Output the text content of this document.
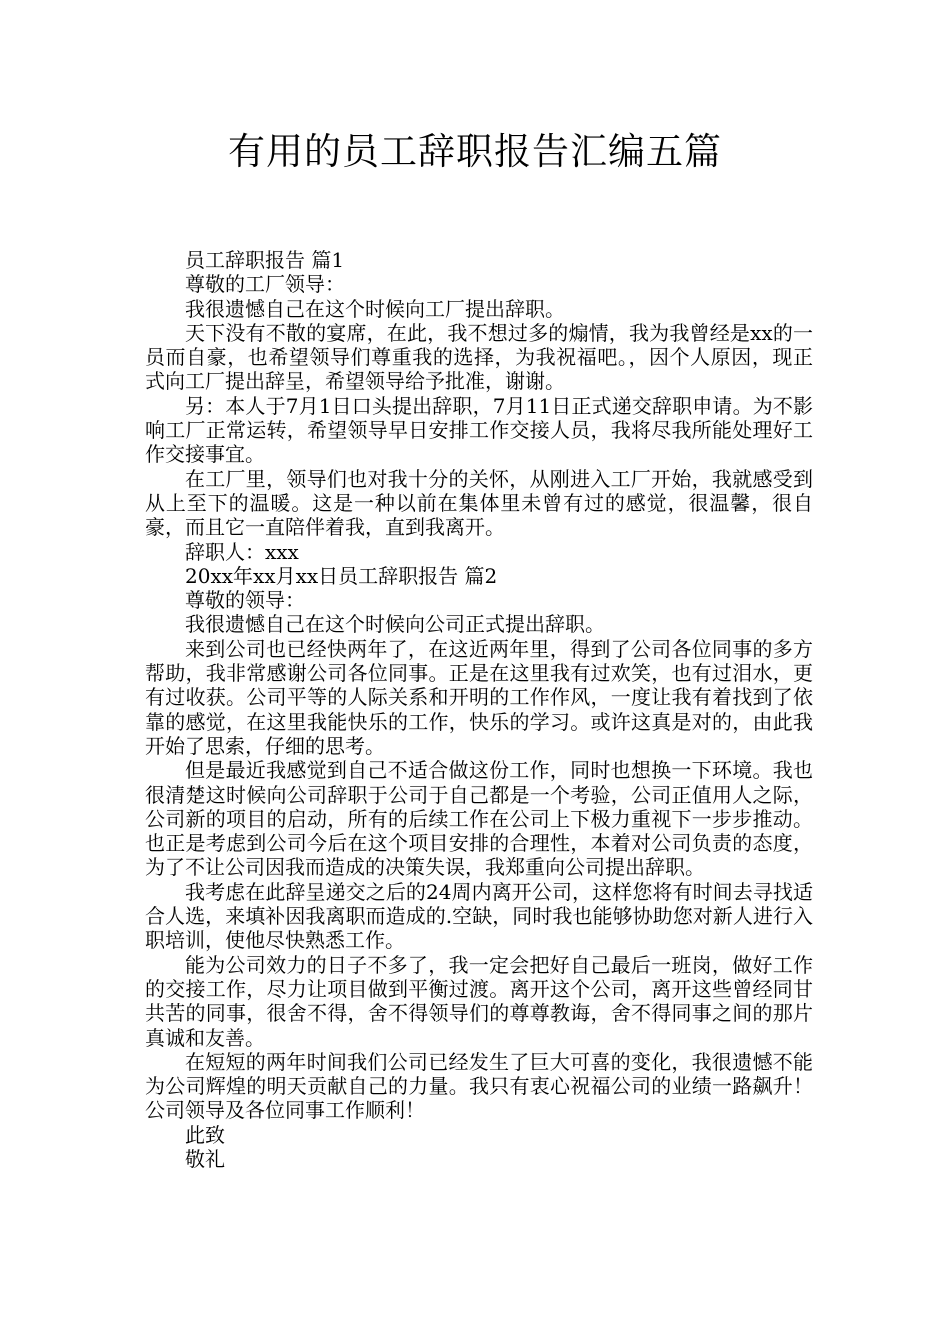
有用的员工辞职报告汇编五篇

员工辞职报告 篇1

尊敬的工厂领导：

我很遗憾自己在这个时候向工厂提出辞职。

天下没有不散的宴席，在此，我不想过多的煽情，我为我曾经是xx的一员而自豪，也希望领导们尊重我的选择，为我祝福吧。，因个人原因，现正式向工厂提出辞呈，希望领导给予批准，谢谢。

另：本人于7月1日口头提出辞职，7月11日正式递交辞职申请。为不影响工厂正常运转，希望领导早日安排工作交接人员，我将尽我所能处理好工作交接事宜。

在工厂里，领导们也对我十分的关怀，从刚进入工厂开始，我就感受到从上至下的温暖。这是一种以前在集体里未曾有过的感觉，很温馨，很自豪，而且它一直陪伴着我，直到我离开。

辞职人：xxx

20xx年xx月xx日员工辞职报告 篇2

尊敬的领导：

我很遗憾自己在这个时候向公司正式提出辞职。

来到公司也已经快两年了，在这近两年里，得到了公司各位同事的多方帮助，我非常感谢公司各位同事。正是在这里我有过欢笑，也有过泪水，更有过收获。公司平等的人际关系和开明的工作作风，一度让我有着找到了依靠的感觉，在这里我能快乐的工作，快乐的学习。或许这真是对的，由此我开始了思索，仔细的思考。

但是最近我感觉到自己不适合做这份工作，同时也想换一下环境。我也很清楚这时候向公司辞职于公司于自己都是一个考验，公司正值用人之际，公司新的项目的启动，所有的后续工作在公司上下极力重视下一步步推动。也正是考虑到公司今后在这个项目安排的合理性，本着对公司负责的态度，为了不让公司因我而造成的决策失误，我郑重向公司提出辞职。

我考虑在此辞呈递交之后的24周内离开公司，这样您将有时间去寻找适合人选，来填补因我离职而造成的.空缺，同时我也能够协助您对新人进行入职培训，使他尽快熟悉工作。

能为公司效力的日子不多了，我一定会把好自己最后一班岗，做好工作的交接工作，尽力让项目做到平衡过渡。离开这个公司，离开这些曾经同甘共苦的同事，很舍不得，舍不得领导们的尊尊教诲，舍不得同事之间的那片真诚和友善。

在短短的两年时间我们公司已经发生了巨大可喜的变化，我很遗憾不能为公司辉煌的明天贡献自己的力量。我只有衷心祝福公司的业绩一路飙升！公司领导及各位同事工作顺利！

此致

敬礼
